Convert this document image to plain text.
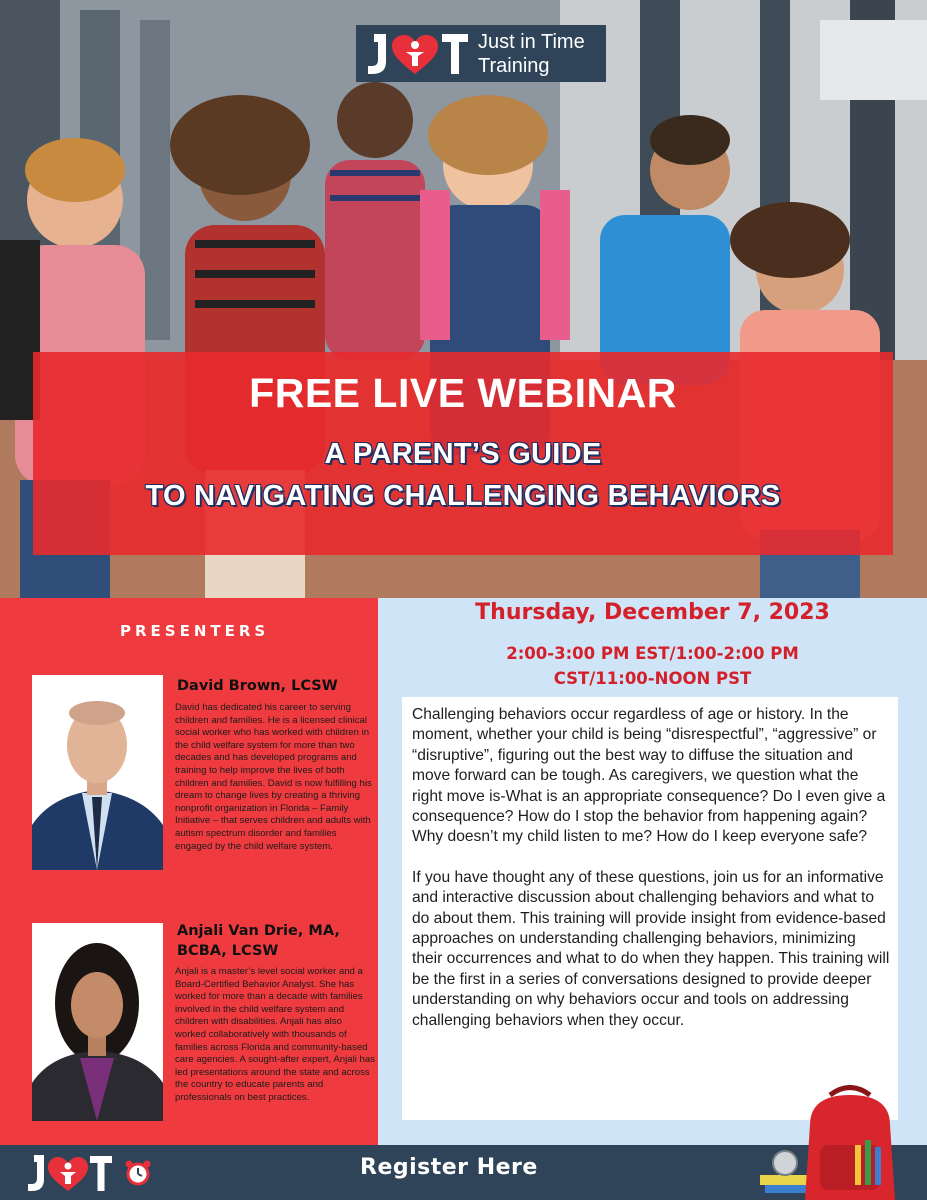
Just in Time
Training
FREE LIVE WEBINAR
A PARENT’S GUIDE
TO NAVIGATING CHALLENGING BEHAVIORS
PRESENTERS
David Brown, LCSW
David has dedicated his career to serving children and families. He is a licensed clinical social worker who has worked with children in the child welfare system for more than two decades and has developed programs and training to help improve the lives of both children and families. David is now fulfilling his dream to change lives by creating a thriving nonprofit organization in Florida – Family Initiative – that serves children and adults with autism spectrum disorder and families engaged by the child welfare system.
Anjali Van Drie, MA,
BCBA, LCSW
Anjali is a master’s level social worker and a Board-Certified Behavior Analyst. She has worked for more than a decade with families involved in the child welfare system and children with disabilities. Anjali has also worked collaboratively with thousands of families across Florida and community-based care agencies. A sought-after expert, Anjali has led presentations around the state and across the country to educate parents and professionals on best practices.
Thursday, December 7, 2023
2:00-3:00 PM EST/1:00-2:00 PM
CST/11:00-NOON PST

Challenging behaviors occur regardless of age or history. In the moment, whether your child is being “disrespectful”, “aggressive” or “disruptive”, figuring out the best way to diffuse the situation and move forward can be tough. As caregivers, we question what the right move is-What is an appropriate consequence? Do I even give a consequence? How do I stop the behavior from happening again? Why doesn’t my child listen to me? How do I keep everyone safe?

If you have thought any of these questions, join us for an informative and interactive discussion about challenging behaviors and what to do about them. This training will provide insight from evidence-based approaches on understanding challenging behaviors, minimizing their occurrences and what to do when they happen. This training will be the first in a series of conversations designed to provide deeper understanding on why behaviors occur and tools on addressing challenging behaviors when they occur.

Register Here
